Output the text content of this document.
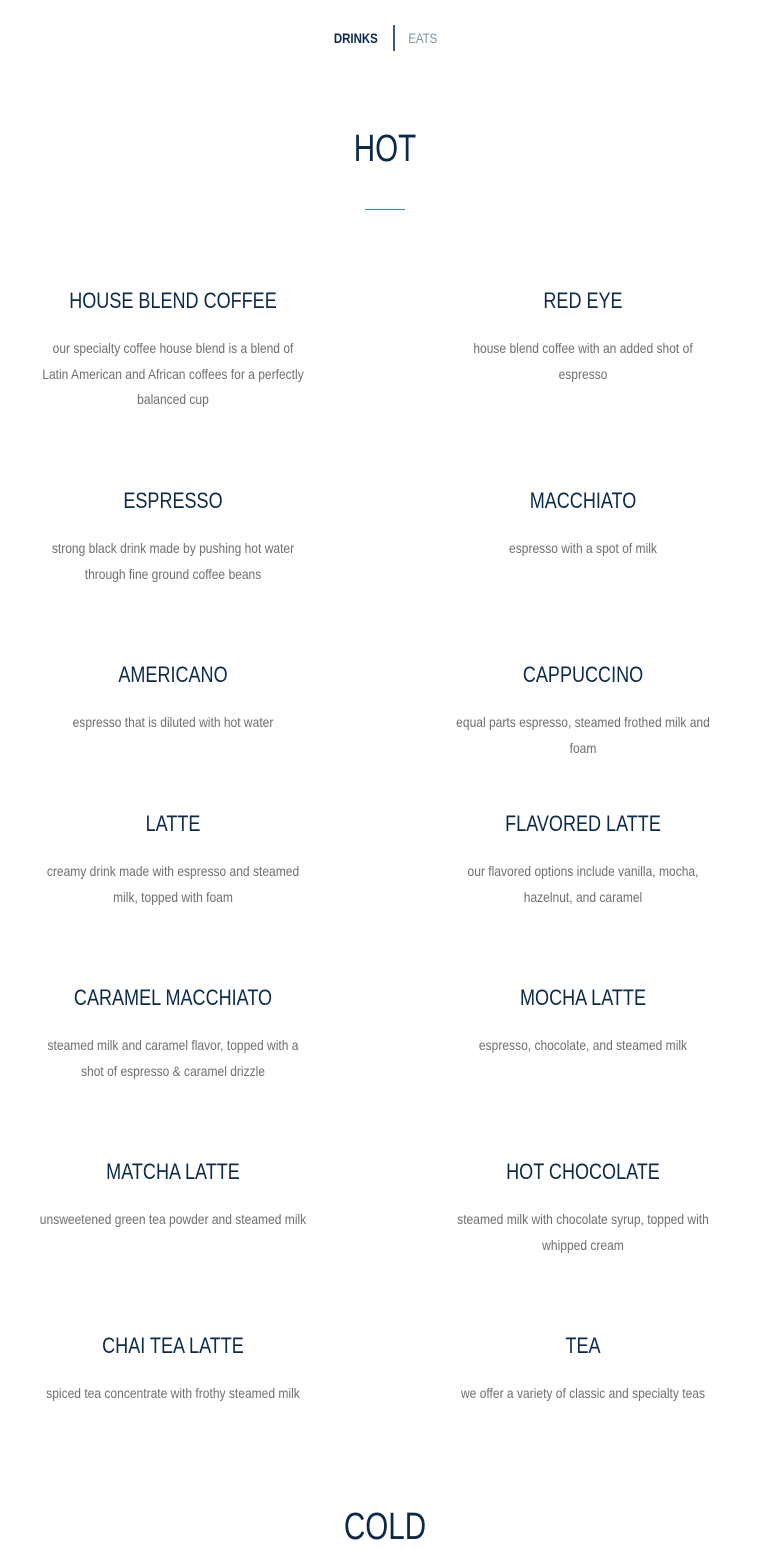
DRINKS EATS
HOT
HOUSE BLEND COFFEE

our specialty coffee house blend is a blend of Latin American and African coffees for a perfectly balanced cup

RED EYE

house blend coffee with an added shot of espresso

ESPRESSO

strong black drink made by pushing hot water through fine ground coffee beans

MACCHIATO

espresso with a spot of milk

AMERICANO

espresso that is diluted with hot water

CAPPUCCINO

equal parts espresso, steamed frothed milk and foam

LATTE

creamy drink made with espresso and steamed milk, topped with foam

FLAVORED LATTE

our flavored options include vanilla, mocha, hazelnut, and caramel

CARAMEL MACCHIATO

steamed milk and caramel flavor, topped with a shot of espresso & caramel drizzle

MOCHA LATTE

espresso, chocolate, and steamed milk

MATCHA LATTE

unsweetened green tea powder and steamed milk

HOT CHOCOLATE

steamed milk with chocolate syrup, topped with whipped cream

CHAI TEA LATTE

spiced tea concentrate with frothy steamed milk

TEA

we offer a variety of classic and specialty teas

COLD
